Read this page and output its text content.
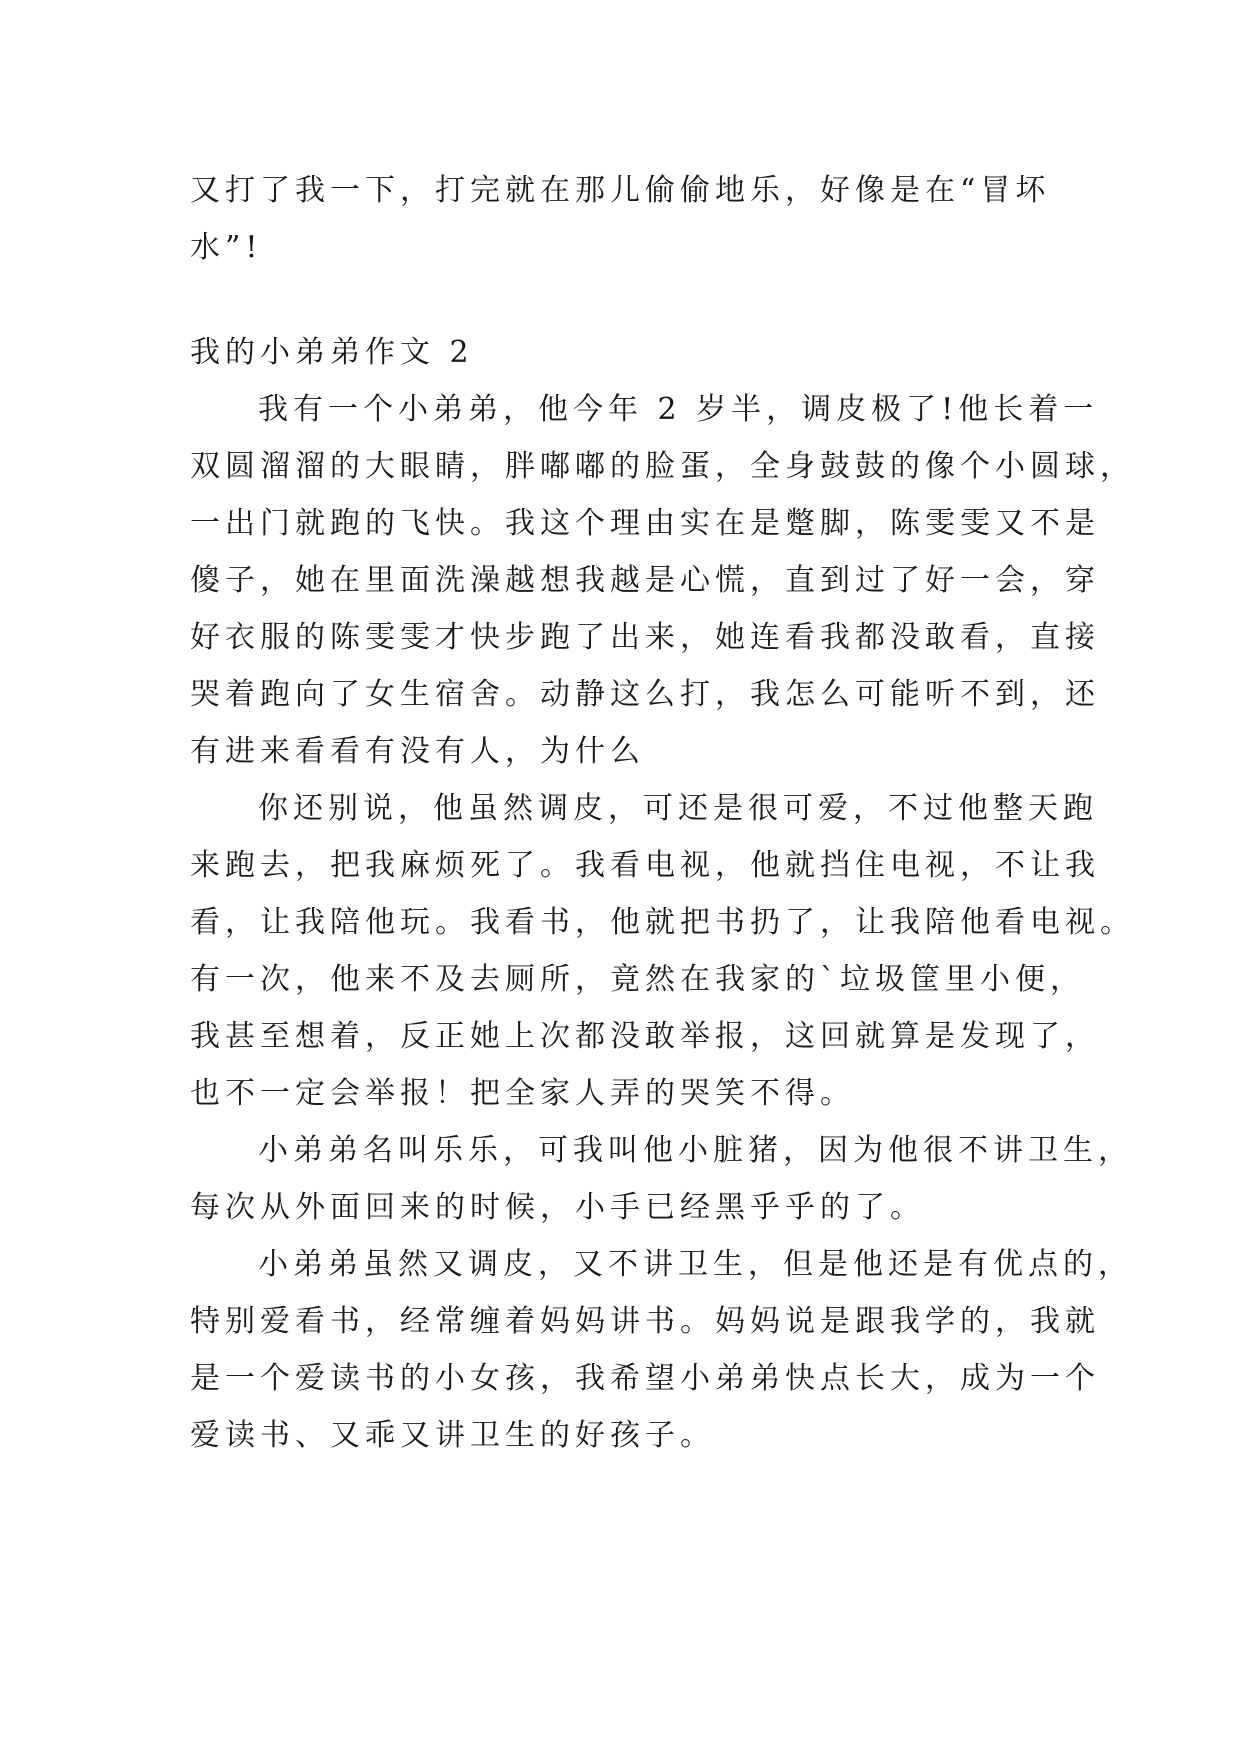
又打了我一下，打完就在那儿偷偷地乐，好像是在“冒坏
水”!
我的小弟弟作文 2
我有一个小弟弟，他今年 2 岁半，调皮极了!他长着一
双圆溜溜的大眼睛，胖嘟嘟的脸蛋，全身鼓鼓的像个小圆球，
一出门就跑的飞快。我这个理由实在是蹩脚，陈雯雯又不是
傻子，她在里面洗澡越想我越是心慌，直到过了好一会，穿
好衣服的陈雯雯才快步跑了出来，她连看我都没敢看，直接
哭着跑向了女生宿舍。动静这么打，我怎么可能听不到，还
有进来看看有没有人，为什么
你还别说，他虽然调皮，可还是很可爱，不过他整天跑
来跑去，把我麻烦死了。我看电视，他就挡住电视，不让我
看，让我陪他玩。我看书，他就把书扔了，让我陪他看电视。
有一次，他来不及去厕所，竟然在我家的`垃圾筐里小便，
我甚至想着，反正她上次都没敢举报，这回就算是发现了，
也不一定会举报！把全家人弄的哭笑不得。
小弟弟名叫乐乐，可我叫他小脏猪，因为他很不讲卫生，
每次从外面回来的时候，小手已经黑乎乎的了。
小弟弟虽然又调皮，又不讲卫生，但是他还是有优点的，
特别爱看书，经常缠着妈妈讲书。妈妈说是跟我学的，我就
是一个爱读书的小女孩，我希望小弟弟快点长大，成为一个
爱读书、又乖又讲卫生的好孩子。
